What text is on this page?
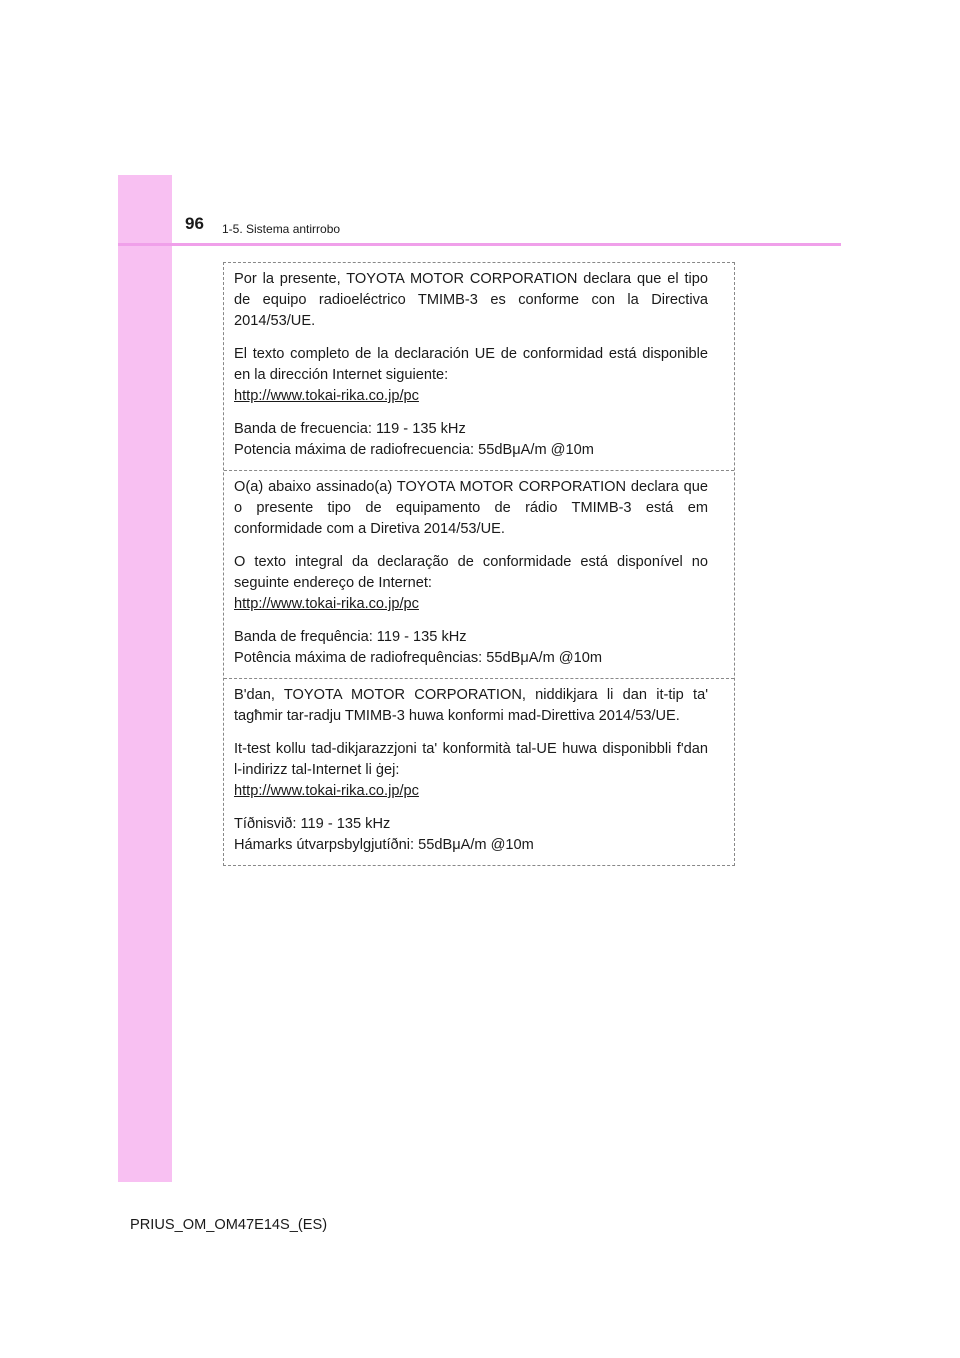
96 1-5. Sistema antirrobo

Por la presente, TOYOTA MOTOR CORPORATION declara que el tipo de equipo radioeléctrico TMIMB-3 es conforme con la Directiva 2014/53/UE.

El texto completo de la declaración UE de conformidad está disponible en la dirección Internet siguiente:

http://www.tokai-rika.co.jp/pc

Banda de frecuencia: 119 - 135 kHz

Potencia máxima de radiofrecuencia: 55dBμA/m @10m

O(a) abaixo assinado(a) TOYOTA MOTOR CORPORATION declara que o presente tipo de equipamento de rádio TMIMB-3 está em conformidade com a Diretiva 2014/53/UE.

O texto integral da declaração de conformidade está disponível no seguinte endereço de Internet:

http://www.tokai-rika.co.jp/pc

Banda de frequência: 119 - 135 kHz

Potência máxima de radiofrequências: 55dBμA/m @10m

B'dan, TOYOTA MOTOR CORPORATION, niddikjara li dan it-tip ta' tagħmir tar-radju TMIMB-3 huwa konformi mad-Direttiva 2014/53/UE.

It-test kollu tad-dikjarazzjoni ta' konformità tal-UE huwa disponibbli f'dan l-indirizz tal-Internet li ġej:

http://www.tokai-rika.co.jp/pc

Tíðnisvið: 119 - 135 kHz

Hámarks útvarpsbylgjutíðni: 55dBμA/m @10m

PRIUS_OM_OM47E14S_(ES)
